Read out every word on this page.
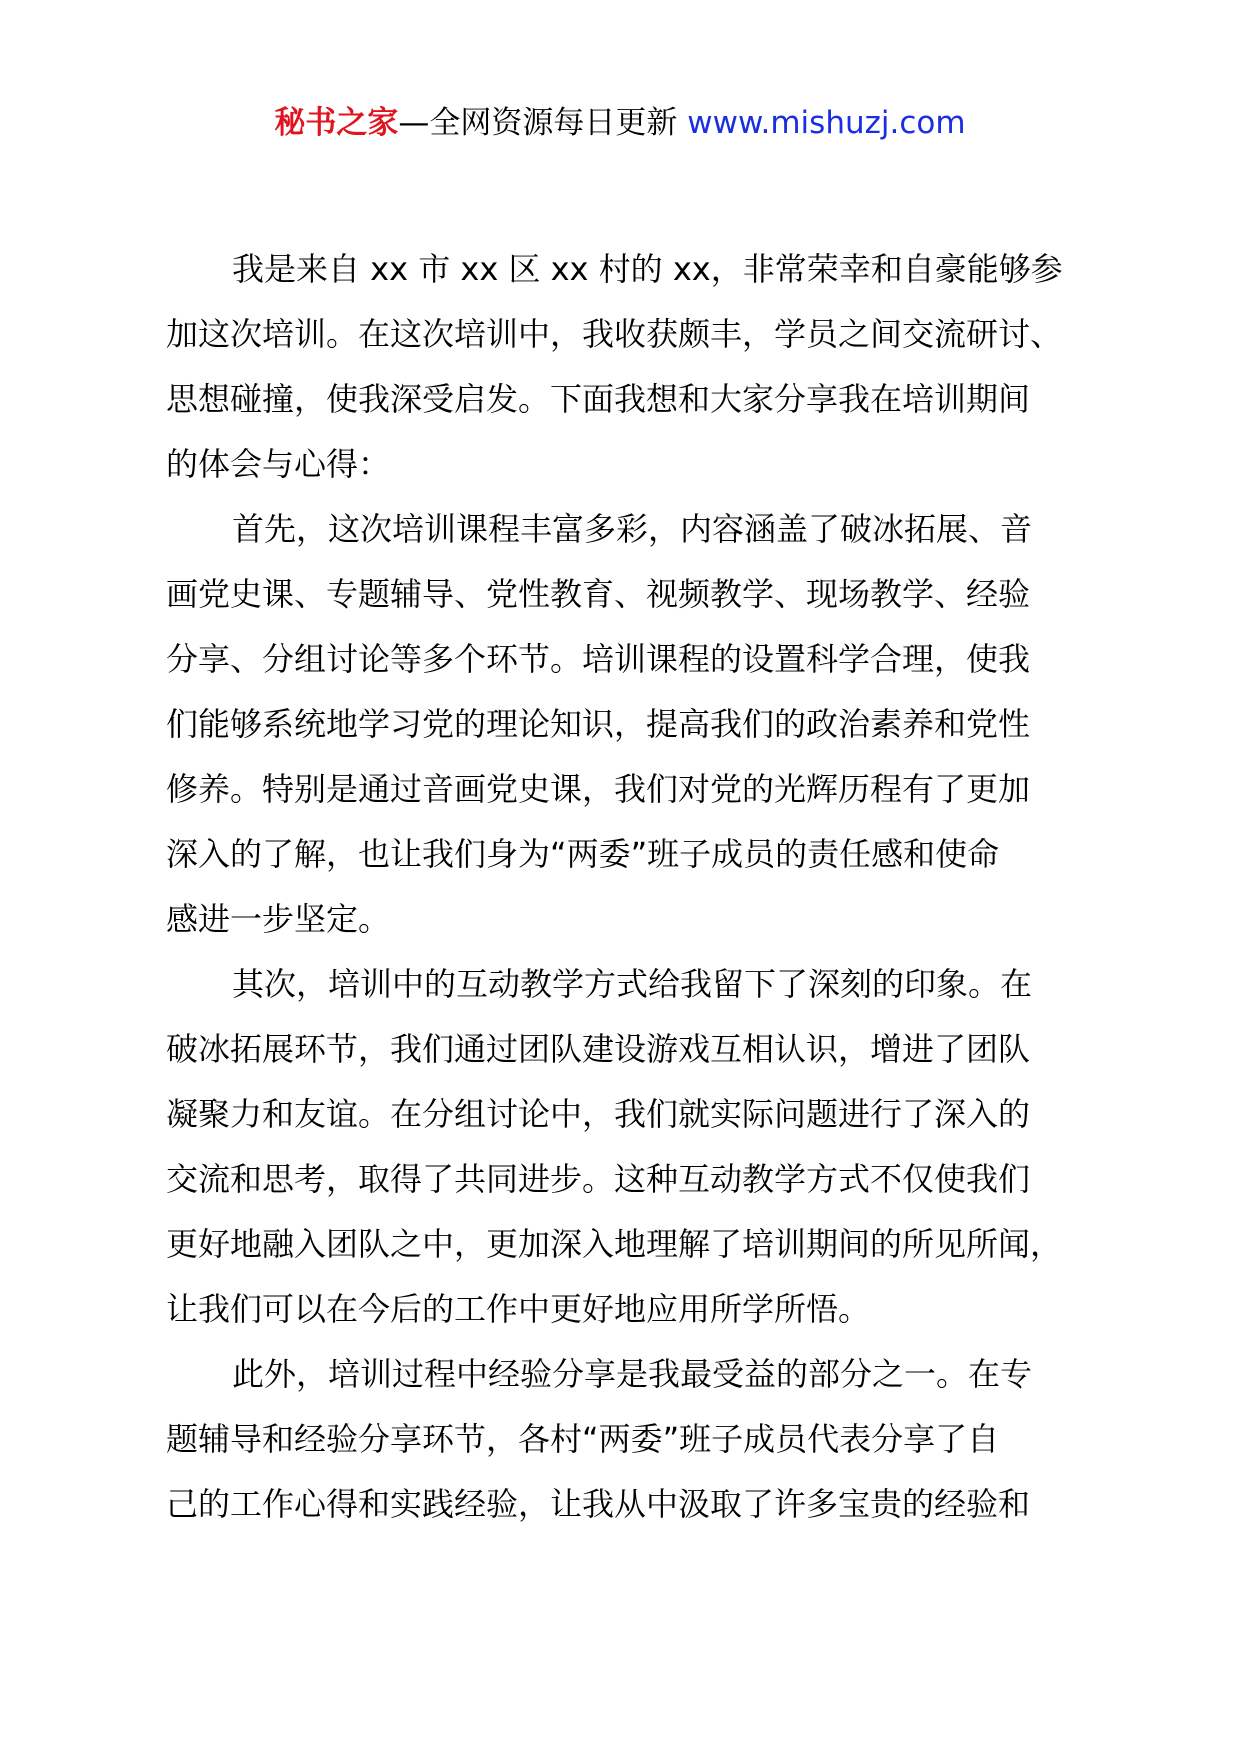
秘书之家—全网资源每日更新 www.mishuzj.com
我是来自 xx 市 xx 区 xx 村的 xx，非常荣幸和自豪能够参
加这次培训。在这次培训中，我收获颇丰，学员之间交流研讨、
思想碰撞，使我深受启发。下面我想和大家分享我在培训期间
的体会与心得：
首先，这次培训课程丰富多彩，内容涵盖了破冰拓展、音
画党史课、专题辅导、党性教育、视频教学、现场教学、经验
分享、分组讨论等多个环节。培训课程的设置科学合理，使我
们能够系统地学习党的理论知识，提高我们的政治素养和党性
修养。特别是通过音画党史课，我们对党的光辉历程有了更加
深入的了解，也让我们身为“两委”班子成员的责任感和使命
感进一步坚定。
其次，培训中的互动教学方式给我留下了深刻的印象。在
破冰拓展环节，我们通过团队建设游戏互相认识，增进了团队
凝聚力和友谊。在分组讨论中，我们就实际问题进行了深入的
交流和思考，取得了共同进步。这种互动教学方式不仅使我们
更好地融入团队之中，更加深入地理解了培训期间的所见所闻，
让我们可以在今后的工作中更好地应用所学所悟。
此外，培训过程中经验分享是我最受益的部分之一。在专
题辅导和经验分享环节，各村“两委”班子成员代表分享了自
己的工作心得和实践经验，让我从中汲取了许多宝贵的经验和
